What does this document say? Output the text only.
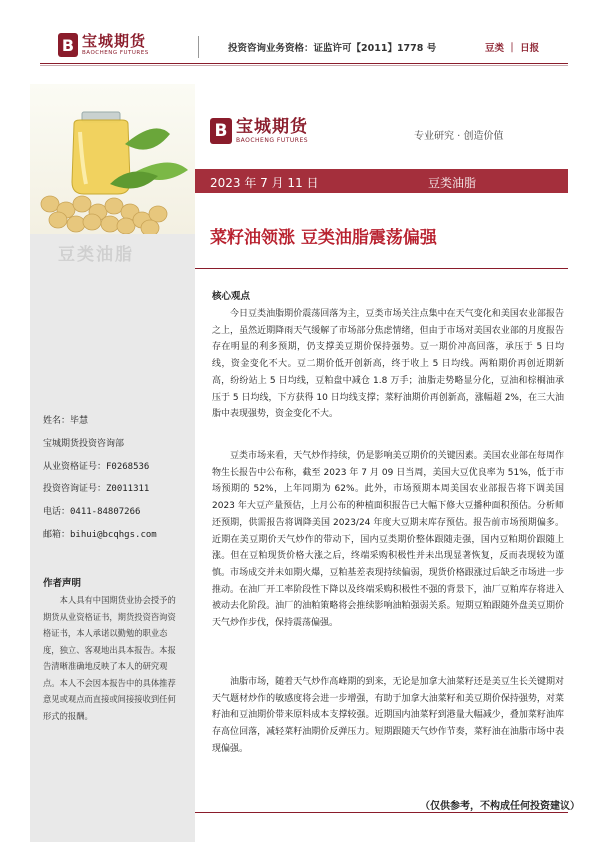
B 宝城期货
BAOCHENG FUTURES	投资咨询业务资格：证监许可【2011】1778 号	豆类 ｜ 日报
豆类油脂
姓名：毕慧
宝城期货投资咨询部
从业资格证号：F0268536
投资咨询证号：Z0011311
电话：0411-84807266
邮箱：bihui@bcqhgs.com
作者声明
本人具有中国期货业协会授予的期货从业资格证书，期货投资咨询资格证书，本人承诺以勤勉的职业态度，独立、客观地出具本报告。本报告清晰准确地反映了本人的研究观点。本人不会因本报告中的具体推荐意见或观点而直接或间接接收到任何形式的报酬。
B 宝城期货
BAOCHENG FUTURES	专业研究 · 创造价值
2023 年 7 月 11 日	豆类油脂
菜籽油领涨 豆类油脂震荡偏强
核心观点
今日豆类油脂期价震荡回落为主，豆类市场关注点集中在天气变化和美国农业部报告之上，虽然近期降雨天气缓解了市场部分焦虑情绪，但由于市场对美国农业部的月度报告存在明显的利多预期，仍支撑美豆期价保持强势。豆一期价冲高回落，承压于 5 日均线，资金变化不大。豆二期价低开创新高，终于收上 5 日均线。两粕期价再创近期新高，纷纷站上 5 日均线，豆粕盘中减仓 1.8 万手；油脂走势略显分化，豆油和棕榈油承压于 5 日均线，下方获得 10 日均线支撑；菜籽油期价再创新高，涨幅超 2%，在三大油脂中表现强势，资金变化不大。
豆类市场来看，天气炒作持续，仍是影响美豆期价的关键因素。美国农业部在每周作物生长报告中公布称，截至 2023 年 7 月 09 日当周，美国大豆优良率为 51%，低于市场预期的 52%，上年同期为 62%。此外，市场预期本周美国农业部报告将下调美国 2023 年大豆产量预估，上月公布的种植面积报告已大幅下修大豆播种面积预估。分析师还预期，供需报告将调降美国 2023/24 年度大豆期末库存预估。报告前市场预期偏多。近期在美豆期价天气炒作的带动下，国内豆类期价整体跟随走强，国内豆粕期价跟随上涨。但在豆粕现货价格大涨之后，终端采购积极性并未出现显著恢复，反而表现较为谨慎。市场成交并未如期火爆，豆粕基差表现持续偏弱，现货价格跟涨过后缺乏市场进一步推动。在油厂开工率阶段性下降以及终端采购积极性不强的背景下，油厂豆粕库存将进入被动去化阶段。油厂的油粕策略将会推续影响油粕强弱关系。短期豆粕跟随外盘美豆期价天气炒作步伐，保持震荡偏强。
油脂市场，随着天气炒作高峰期的到来，无论是加拿大油菜籽还是美豆生长关键期对天气题材炒作的敏感度将会进一步增强，有助于加拿大油菜籽和美豆期价保持强势，对菜籽油和豆油期价带来原料成本支撑较强。近期国内油菜籽到港量大幅减少，叠加菜籽油库存高位回落，减轻菜籽油期价反弹压力。短期跟随天气炒作节奏，菜籽油在油脂市场中表现偏强。
（仅供参考，不构成任何投资建议）
